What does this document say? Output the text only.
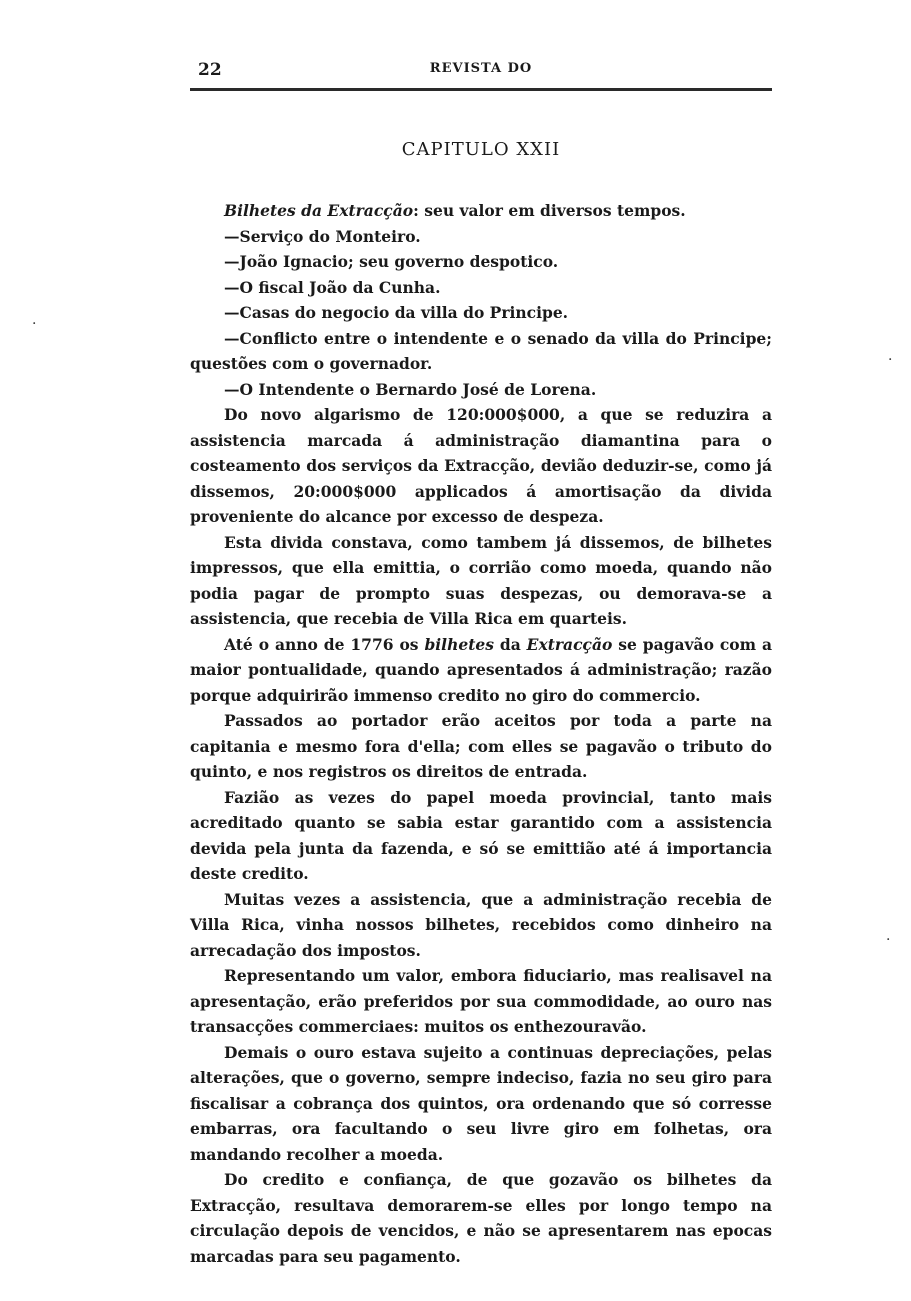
22	REVISTA DO
CAPITULO XXII

Bilhetes da Extracção: seu valor em diversos tempos.

—Serviço do Monteiro.

—João Ignacio; seu governo despotico.

—O fiscal João da Cunha.

—Casas do negocio da villa do Principe.

—Conflicto entre o intendente e o senado da villa do Principe; questões com o governador.

—O Intendente o Bernardo José de Lorena.

Do novo algarismo de 120:000$000, a que se reduzira a assistencia marcada á administração diamantina para o costeamento dos serviços da Extracção, devião deduzir-se, como já dissemos, 20:000$000 applicados á amortisação da divida proveniente do alcance por excesso de despeza.

Esta divida constava, como tambem já dissemos, de bilhetes impressos, que ella emittia, o corrião como moeda, quando não podia pagar de prompto suas despezas, ou demorava-se a assistencia, que recebia de Villa Rica em quarteis.

Até o anno de 1776 os bilhetes da Extracção se pagavão com a maior pontualidade, quando apresentados á administração; razão porque adquirirão immenso credito no giro do commercio.

Passados ao portador erão aceitos por toda a parte na capitania e mesmo fora d'ella; com elles se pagavão o tributo do quinto, e nos registros os direitos de entrada.

Fazião as vezes do papel moeda provincial, tanto mais acreditado quanto se sabia estar garantido com a assistencia devida pela junta da fazenda, e só se emittião até á importancia deste credito.

Muitas vezes a assistencia, que a administração recebia de Villa Rica, vinha nossos bilhetes, recebidos como dinheiro na arrecadação dos impostos.

Representando um valor, embora fiduciario, mas realisavel na apresentação, erão preferidos por sua commodidade, ao ouro nas transacções commerciaes: muitos os enthezouravão.

Demais o ouro estava sujeito a continuas depreciações, pelas alterações, que o governo, sempre indeciso, fazia no seu giro para fiscalisar a cobrança dos quintos, ora ordenando que só corresse embarras, ora facultando o seu livre giro em folhetas, ora mandando recolher a moeda.

Do credito e confiança, de que gozavão os bilhetes da Extracção, resultava demorarem-se elles por longo tempo na circulação depois de vencidos, e não se apresentarem nas epocas marcadas para seu pagamento.

·
·
·
